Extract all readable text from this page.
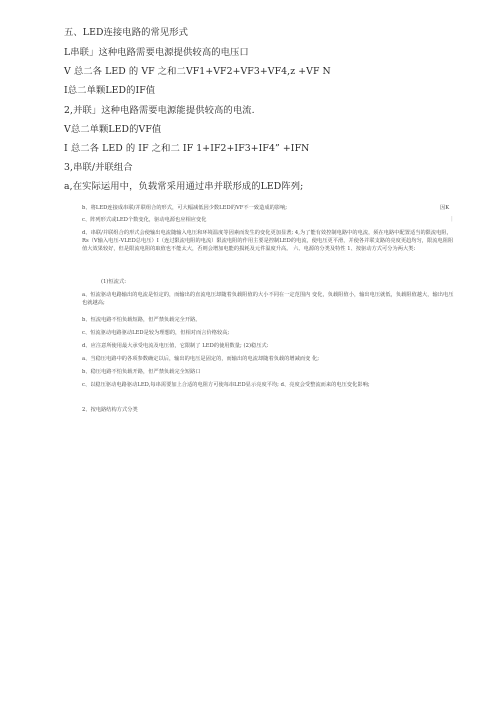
五、LED连接电路的常见形式
L串联」这种电路需要电源提供较高的电压口
V 总二各 LED 的 VF 之和二VF1+VF2+VF3+VF4,z +VF N
I总二单颗LED的IF值
2,并联」这种电路需要电源能提供较高的电流.
V总二单颗LED的VF值
I 总二各 LED 的 IF 之和二 IF 1+IF2+IF3+IF4” +IFN
3,串联/并联组合
a,在实际运用中，负载常采用通过串并联形成的LED阵列;
b、将LED连接成串联/并联组合的形式，可大幅减低因少数LED的VF不一致造成的影响;	因K
c、阵列形式或LED个数变化，驱动电源也应相应变化	|
d、串联/并联组合的形式会使输出电流随输入电压和环境温度等因素而发生的变化更加显著; 4,为了能有效控制电路中的电流，须在电路中配置适当的限流电阻，Rs（V输入电压-VLED总电压）I（连过限流电阻的电流）限流电阻的作用主要是控制LED的电流，使电压更平滑，并使各并联支路的亮度更趋均匀，限流电阻阻值大效果较好，但是限流电阻的取值也不能太大，否则会增加电能的损耗及元件温度升高。 六、电源的分类及特性 1、按驱动方式可分为两大类:
(1)恒流式:
a、恒流驱动电路输出的电流是恒定的，而输出的直流电压却随着负载阻值的大小不同在一定范围内 变化，负载阻值小，输出电压就低，负载阻值越大，输出电压也就越高;
b、恒流电路不怕负载短路，但严禁负载完全开路。
c、恒流驱动电路驱动LED是较为理想的，但相对而言价格较高;
d、应注意所使用最大承受电流及电压值，它限制了 LED的使用数量; (2)稳压式:
a、当稳压电路中的各项参数确定以后，输出的电压是固定的，而输出的电流却随着负载的增减而变 化;
b、稳压电路不怕负载开路，但严禁负载完全短路口
c、以稳压驱动电路驱动LED,每串需要加上合适的电阻方可使每串LED显示亮度平均; d、亮度会受整流而来的电压变化影响;
2、按电路结构方式分类
